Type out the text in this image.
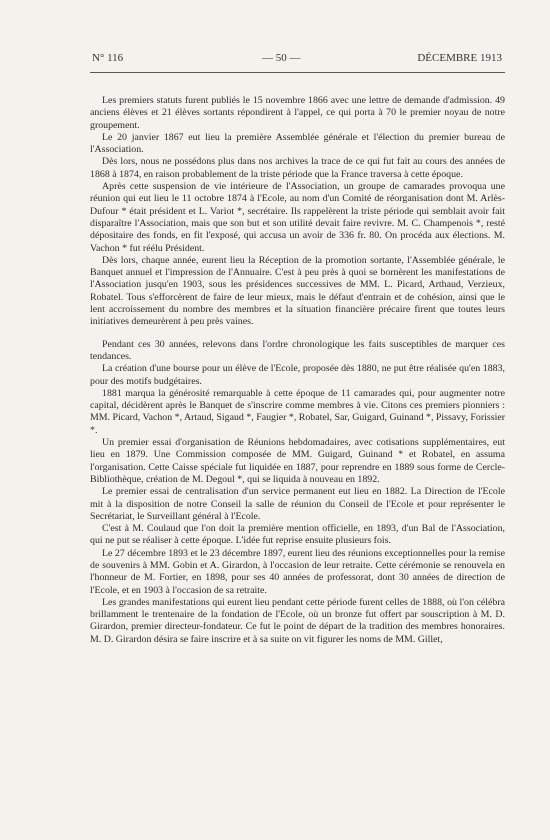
N° 116	— 50 —	DÉCEMBRE 1913

Les premiers statuts furent publiés le 15 novembre 1866 avec une lettre de demande d'admission. 49 anciens élèves et 21 élèves sortants répondirent à l'appel, ce qui porta à 70 le premier noyau de notre groupement.

Le 20 janvier 1867 eut lieu la première Assemblée générale et l'élection du premier bureau de l'Association.

Dès lors, nous ne possédons plus dans nos archives la trace de ce qui fut fait au cours des années de 1868 à 1874, en raison probablement de la triste période que la France traversa à cette époque.

Après cette suspension de vie intérieure de l'Association, un groupe de camarades provoqua une réunion qui eut lieu le 11 octobre 1874 à l'Ecole, au nom d'un Comité de réorganisation dont M. Arlès-Dufour * était président et L. Variot *, secrétaire. Ils rappelèrent la triste période qui semblait avoir fait disparaître l'Association, mais que son but et son utilité devait faire revivre. M. C. Champenois *, resté dépositaire des fonds, en fit l'exposé, qui accusa un avoir de 336 fr. 80. On procéda aux élections. M. Vachon * fut réélu Président.

Dès lors, chaque année, eurent lieu la Réception de la promotion sortante, l'Assemblée générale, le Banquet annuel et l'impression de l'Annuaire. C'est à peu près à quoi se bornèrent les manifestations de l'Association jusqu'en 1903, sous les présidences successives de MM. L. Picard, Arthaud, Verzieux, Robatel. Tous s'efforcèrent de faire de leur mieux, mais le défaut d'entrain et de cohésion, ainsi que le lent accroissement du nombre des membres et la situation financière précaire firent que toutes leurs initiatives demeurèrent à peu près vaines.

Pendant ces 30 années, relevons dans l'ordre chronologique les faits susceptibles de marquer ces tendances.

La création d'une bourse pour un élève de l'Ecole, proposée dès 1880, ne put être réalisée qu'en 1883, pour des motifs budgétaires.

1881 marqua la générosité remarquable à cette époque de 11 camarades qui, pour augmenter notre capital, décidèrent après le Banquet de s'inscrire comme membres à vie. Citons ces premiers pionniers : MM. Picard, Vachon *, Artaud, Sigaud *, Faugier *, Robatel, Sar, Guigard, Guinand *, Pissavy, Forissier *.

Un premier essai d'organisation de Réunions hebdomadaires, avec cotisations supplémentaires, eut lieu en 1879. Une Commission composée de MM. Guigard, Guinand * et Robatel, en assuma l'organisation. Cette Caisse spéciale fut liquidée en 1887, pour reprendre en 1889 sous forme de Cercle-Bibliothèque, création de M. Degoul *, qui se liquida à nouveau en 1892.

Le premier essai de centralisation d'un service permanent eut lieu en 1882. La Direction de l'Ecole mit à la disposition de notre Conseil la salle de réunion du Conseil de l'Ecole et pour représenter le Secrétariat, le Surveillant général à l'Ecole.

C'est à M. Coulaud que l'on doit la première mention officielle, en 1893, d'un Bal de l'Association, qui ne put se réaliser à cette époque. L'idée fut reprise ensuite plusieurs fois.

Le 27 décembre 1893 et le 23 décembre 1897, eurent lieu des réunions exceptionnelles pour la remise de souvenirs à MM. Gobin et A. Girardon, à l'occasion de leur retraite. Cette cérémonie se renouvela en l'honneur de M. Fortier, en 1898, pour ses 40 années de professorat, dont 30 années de direction de l'Ecole, et en 1903 à l'occasion de sa retraite.

Les grandes manifestations qui eurent lieu pendant cette période furent celles de 1888, où l'on célébra brillamment le trentenaire de la fondation de l'Ecole, où un bronze fut offert par souscription à M. D. Girardon, premier directeur-fondateur. Ce fut le point de départ de la tradition des membres honoraires. M. D. Girardon désira se faire inscrire et à sa suite on vit figurer les noms de MM. Gillet,
